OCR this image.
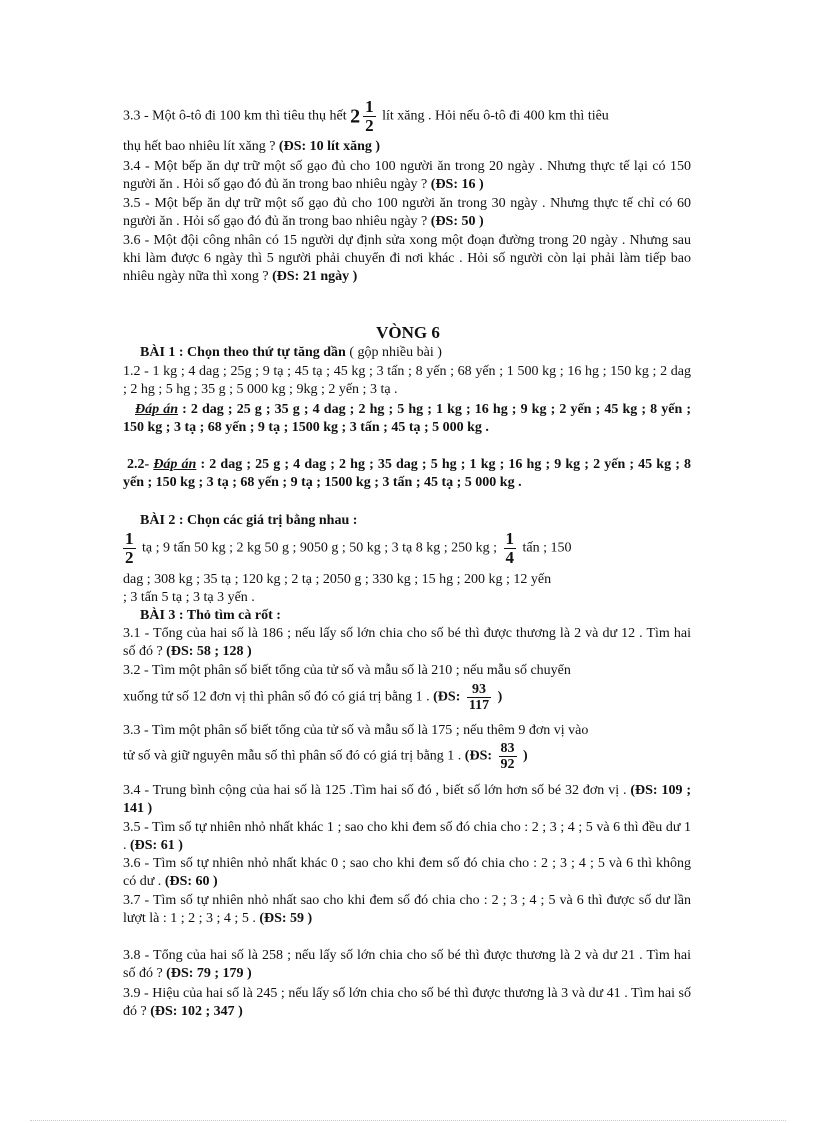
3.3 - Một ô-tô đi 100 km thì tiêu thụ hết $2 \frac{1}{2}$ lít xăng . Hỏi nếu ô-tô đi 400 km thì tiêu
thụ hết bao nhiêu lít xăng ? (ĐS: 10 lít xăng )
3.4 - Một bếp ăn dự trữ một số gạo đủ cho 100 người ăn trong 20 ngày . Nhưng thực tế lại có 150 người ăn . Hỏi số gạo đó đủ ăn trong bao nhiêu ngày ? (ĐS: 16 )
3.5 - Một bếp ăn dự trữ một số gạo đủ cho 100 người ăn trong 30 ngày . Nhưng thực tế chỉ có 60 người ăn . Hỏi số gạo đó đủ ăn trong bao nhiêu ngày ? (ĐS: 50 )
3.6 - Một đội công nhân có 15 người dự định sửa xong một đoạn đường trong 20 ngày . Nhưng sau khi làm được 6 ngày thì 5 người phải chuyển đi nơi khác . Hỏi số người còn lại phải làm tiếp bao nhiêu ngày nữa thì xong ? (ĐS: 21 ngày )
VÒNG 6
BÀI 1 : Chọn theo thứ tự tăng dần ( gộp nhiều bài )
1.2 - 1 kg ; 4 dag ; 25g ; 9 tạ ; 45 tạ ; 45 kg ; 3 tấn ; 8 yến ; 68 yến ; 1 500 kg ; 16 hg ; 150 kg ; 2 dag ; 2 hg ; 5 hg ; 35 g ; 5 000 kg ; 9kg ; 2 yến ; 3 tạ .
Đáp án : 2 dag ; 25 g ; 35 g ; 4 dag ; 2 hg ; 5 hg ; 1 kg ; 16 hg ; 9 kg ; 2 yến ; 45 kg ; 8 yến ; 150 kg ; 3 tạ ; 68 yến ; 9 tạ ; 1500 kg ; 3 tấn ; 45 tạ ; 5 000 kg .
2.2- Đáp án : 2 dag ; 25 g ; 4 dag ; 2 hg ; 35 dag ; 5 hg ; 1 kg ; 16 hg ; 9 kg ; 2 yến ; 45 kg ; 8 yến ; 150 kg ; 3 tạ ; 68 yến ; 9 tạ ; 1500 kg ; 3 tấn ; 45 tạ ; 5 000 kg .
BÀI 2 : Chọn các giá trị bằng nhau :
$\frac{1}{2}$ tạ ; 9 tấn 50 kg ; 2 kg 50 g ; 9050 g ; 50 kg ; 3 tạ 8 kg ; 250 kg ; $\frac{1}{4}$ tấn ; 150
dag ; 308 kg ; 35 tạ ; 120 kg ; 2 tạ ; 2050 g ; 330 kg ; 15 hg ; 200 kg ; 12 yến
; 3 tấn 5 tạ ; 3 tạ 3 yến .
BÀI 3 : Thỏ tìm cà rốt :
3.1 - Tổng của hai số là 186 ; nếu lấy số lớn chia cho số bé thì được thương là 2 và dư 12 . Tìm hai số đó ? (ĐS: 58 ; 128 )
3.2 - Tìm một phân số biết tổng của tử số và mẫu số là 210 ; nếu mẫu số chuyển
xuống tử số 12 đơn vị thì phân số đó có giá trị bằng 1 . (ĐS: $\frac{93}{117}$ )
3.3 - Tìm một phân số biết tổng của tử số và mẫu số là 175 ; nếu thêm 9 đơn vị vào
tử số và giữ nguyên mẫu số thì phân số đó có giá trị bằng 1 . (ĐS: $\frac{83}{92}$ )
3.4 - Trung bình cộng của hai số là 125 .Tìm hai số đó , biết số lớn hơn số bé 32 đơn vị . (ĐS: 109 ; 141 )
3.5 - Tìm số tự nhiên nhỏ nhất khác 1 ; sao cho khi đem số đó chia cho : 2 ; 3 ; 4 ; 5 và 6 thì đều dư 1 . (ĐS: 61 )
3.6 - Tìm số tự nhiên nhỏ nhất khác 0 ; sao cho khi đem số đó chia cho : 2 ; 3 ; 4 ; 5 và 6 thì không có dư . (ĐS: 60 )
3.7 - Tìm số tự nhiên nhỏ nhất sao cho khi đem số đó chia cho : 2 ; 3 ; 4 ; 5 và 6 thì được số dư lần lượt là : 1 ; 2 ; 3 ; 4 ; 5 . (ĐS: 59 )
3.8 - Tổng của hai số là 258 ; nếu lấy số lớn chia cho số bé thì được thương là 2 và dư 21 . Tìm hai số đó ? (ĐS: 79 ; 179 )
3.9 - Hiệu của hai số là 245 ; nếu lấy số lớn chia cho số bé thì được thương là 3 và dư 41 . Tìm hai số đó ? (ĐS: 102 ; 347 )
